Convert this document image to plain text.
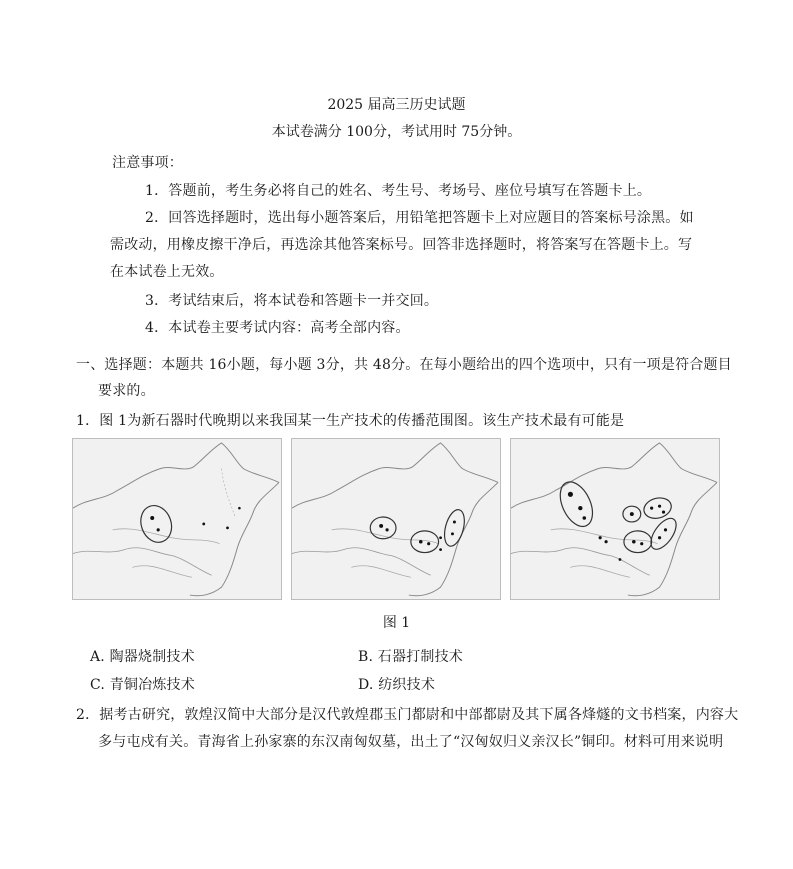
2025 届高三历史试题
本试卷满分 100分，考试用时 75分钟。
注意事项：
1．答题前，考生务必将自己的姓名、考生号、考场号、座位号填写在答题卡上。
2．回答选择题时，选出每小题答案后，用铅笔把答题卡上对应题目的答案标号涂黑。如
需改动，用橡皮擦干净后，再选涂其他答案标号。回答非选择题时，将答案写在答题卡上。写
在本试卷上无效。
3．考试结束后，将本试卷和答题卡一并交回。
4．本试卷主要考试内容：高考全部内容。
一、选择题：本题共 16小题，每小题 3分，共 48分。在每小题给出的四个选项中，只有一项是符合题目
要求的。
1．图 1为新石器时代晚期以来我国某一生产技术的传播范围图。该生产技术最有可能是
图 1
A. 陶器烧制技术	B. 石器打制技术
C. 青铜冶炼技术	D. 纺织技术
2．据考古研究，敦煌汉简中大部分是汉代敦煌郡玉门都尉和中部都尉及其下属各烽燧的文书档案，内容大
多与屯戍有关。青海省上孙家寨的东汉南匈奴墓，出土了“汉匈奴归义亲汉长”铜印。材料可用来说明
